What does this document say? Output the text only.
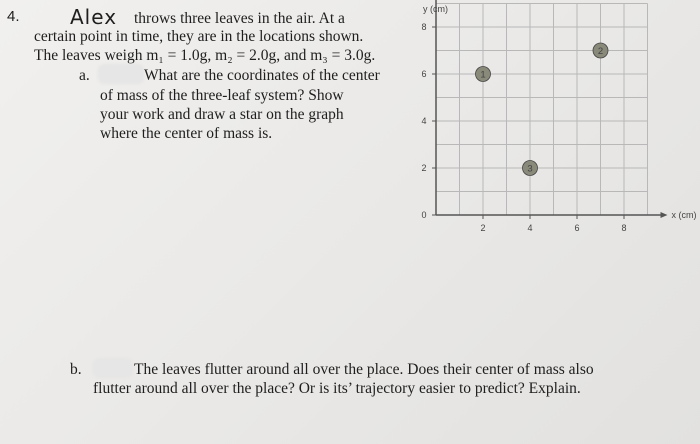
4.	Alex throws three leaves in the air. At a
certain point in time, they are in the locations shown.
The leaves weigh m₁ = 1.0g, m₂ = 2.0g, and m₃ = 3.0g.
a.	What are the coordinates of the center
of mass of the three-leaf system? Show
your work and draw a star on the graph
where the center of mass is.
b.	The leaves flutter around all over the place. Does their center of mass also
flutter around all over the place? Or is its’ trajectory easier to predict? Explain.
x (cm)
y (cm)
0
2
4
6
8
2	4	6	8
1
2
3
